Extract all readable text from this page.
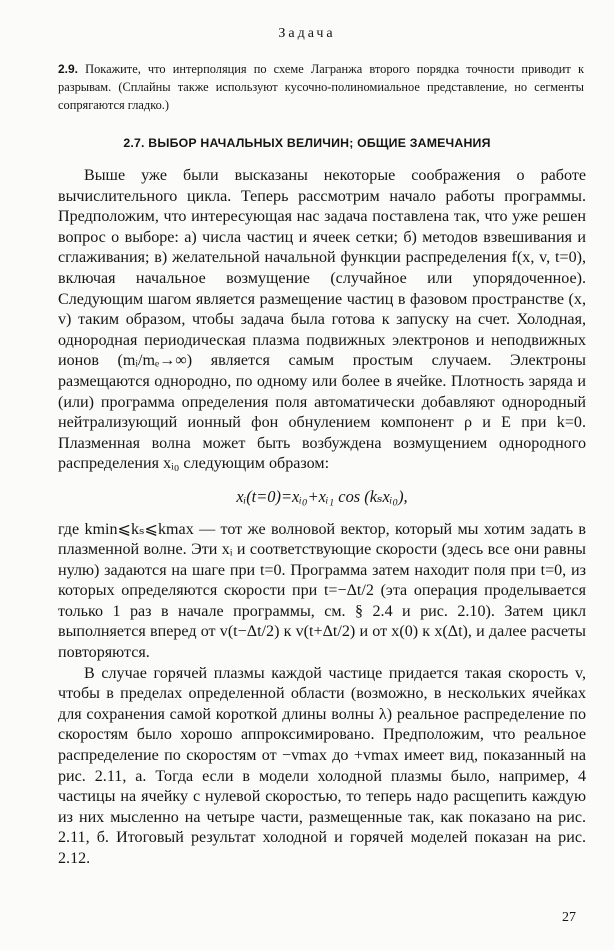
Задача
2.9. Покажите, что интерполяция по схеме Лагранжа второго порядка точности приводит к разрывам. (Сплайны также используют кусочно-полиномиальное представление, но сегменты сопрягаются гладко.)
2.7. ВЫБОР НАЧАЛЬНЫХ ВЕЛИЧИН; ОБЩИЕ ЗАМЕЧАНИЯ

Выше уже были высказаны некоторые соображения о работе вычислительного цикла. Теперь рассмотрим начало работы программы. Предположим, что интересующая нас задача поставлена так, что уже решен вопрос о выборе: а) числа частиц и ячеек сетки; б) методов взвешивания и сглаживания; в) желательной начальной функции распределения f(x, v, t=0), включая начальное возмущение (случайное или упорядоченное). Следующим шагом является размещение частиц в фазовом пространстве (x, v) таким образом, чтобы задача была готова к запуску на счет. Холодная, однородная периодическая плазма подвижных электронов и неподвижных ионов (mᵢ/mₑ→∞) является самым простым случаем. Электроны размещаются однородно, по одному или более в ячейке. Плотность заряда и (или) программа определения поля автоматически добавляют однородный нейтрализующий ионный фон обнулением компонент ρ и E при k=0. Плазменная волна может быть возбуждена возмущением однородного распределения xᵢ₀ следующим образом:

xᵢ(t=0)=xᵢ₀+xᵢ₁ cos (kₛxᵢ₀),

где kmin⩽kₛ⩽kmax — тот же волновой вектор, который мы хотим задать в плазменной волне. Эти xᵢ и соответствующие скорости (здесь все они равны нулю) задаются на шаге при t=0. Программа затем находит поля при t=0, из которых определяются скорости при t=−Δt/2 (эта операция проделывается только 1 раз в начале программы, см. § 2.4 и рис. 2.10). Затем цикл выполняется вперед от v(t−Δt/2) к v(t+Δt/2) и от x(0) к x(Δt), и далее расчеты повторяются.

В случае горячей плазмы каждой частице придается такая скорость v, чтобы в пределах определенной области (возможно, в нескольких ячейках для сохранения самой короткой длины волны λ) реальное распределение по скоростям было хорошо аппроксимировано. Предположим, что реальное распределение по скоростям от −vmax до +vmax имеет вид, показанный на рис. 2.11, а. Тогда если в модели холодной плазмы было, например, 4 частицы на ячейку с нулевой скоростью, то теперь надо расщепить каждую из них мысленно на четыре части, размещенные так, как показано на рис. 2.11, б. Итоговый результат холодной и горячей моделей показан на рис. 2.12.

27
